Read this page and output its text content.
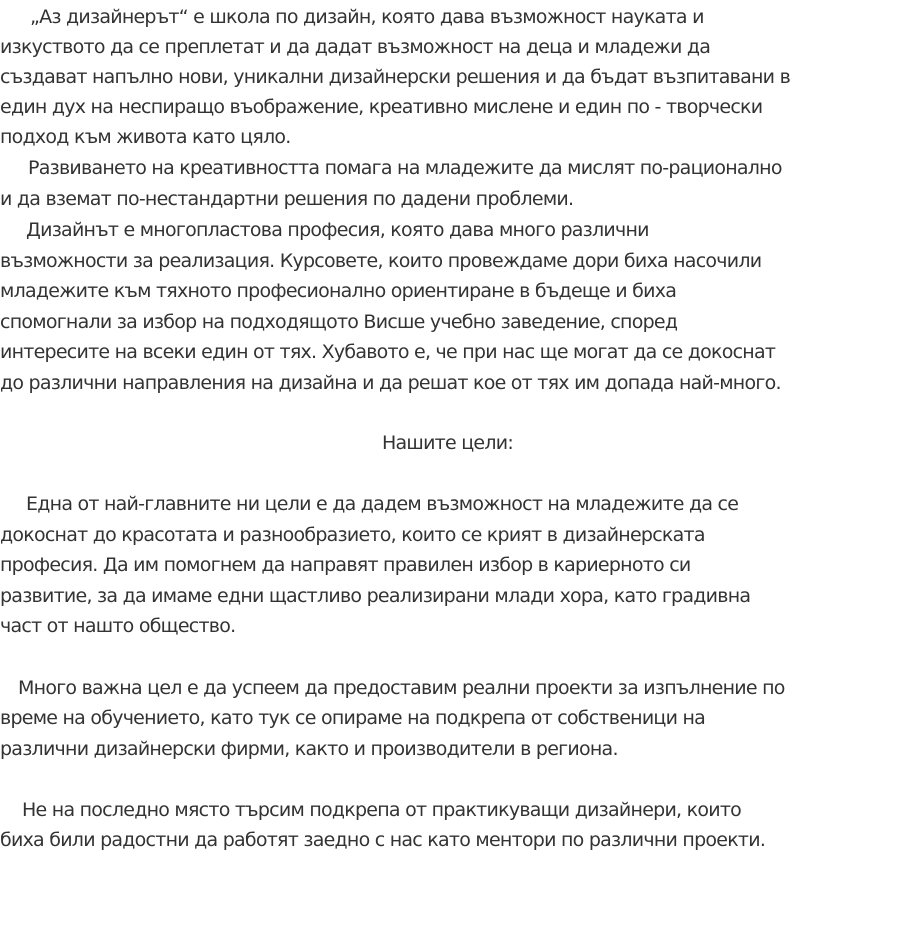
„Аз дизайнерът“ е школа по дизайн, която дава възможност науката и
изкуството да се преплетат и да дадат възможност на деца и младежи да
създават напълно нови, уникални дизайнерски решения и да бъдат възпитавани в
един дух на неспиращо въображение, креативно мислене и един по - творчески
подход към живота като цяло.
Развиването на креативността помага на младежите да мислят по-рационално
и да вземат по-нестандартни решения по дадени проблеми.
Дизайнът е многопластова професия, която дава много различни
възможности за реализация. Курсовете, които провеждаме дори биха насочили
младежите към тяхното професионално ориентиране в бъдеще и биха
спомогнали за избор на подходящото Висше учебно заведение, според
интересите на всеки един от тях. Хубавото е, че при нас ще могат да се докоснат
до различни направления на дизайна и да решат кое от тях им допада най-много.
Нашите цели:
Една от най-главните ни цели е да дадем възможност на младежите да се
докоснат до красотата и разнообразието, които се крият в дизайнерската
професия. Да им помогнем да направят правилен избор в кариерното си
развитие, за да имаме едни щастливо реализирани млади хора, като градивна
част от нашто общество.
Много важна цел е да успеем да предоставим реални проекти за изпълнение по
време на обучението, като тук се опираме на подкрепа от собственици на
различни дизайнерски фирми, както и производители в региона.
Не на последно място търсим подкрепа от практикуващи дизайнери, които
биха били радостни да работят заедно с нас като ментори по различни проекти.
